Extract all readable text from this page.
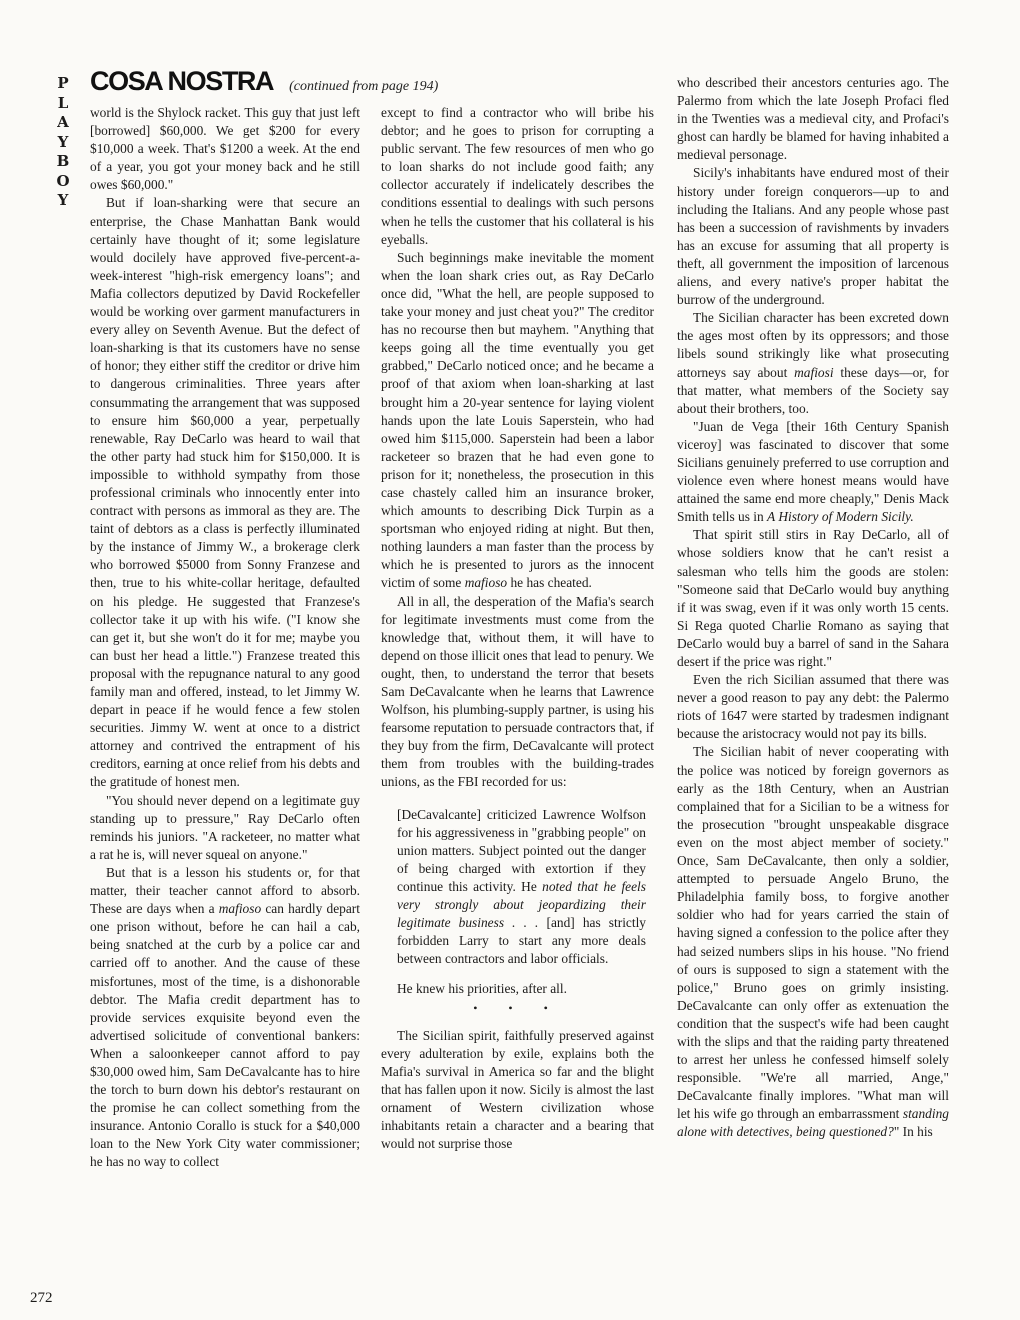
P
L
A
Y
B
O
Y
COSA NOSTRA (continued from page 194)

world is the Shylock racket. This guy that just left [borrowed] $60,000. We get $200 for every $10,000 a week. That's $1200 a week. At the end of a year, you got your money back and he still owes $60,000."

But if loan-sharking were that secure an enterprise, the Chase Manhattan Bank would certainly have thought of it; some legislature would docilely have approved five-percent-a-week-interest "high-risk emergency loans"; and Mafia collectors deputized by David Rockefeller would be working over garment manufacturers in every alley on Seventh Avenue. But the defect of loan-sharking is that its customers have no sense of honor; they either stiff the creditor or drive him to dangerous criminalities. Three years after consummating the arrangement that was supposed to ensure him $60,000 a year, perpetually renewable, Ray DeCarlo was heard to wail that the other party had stuck him for $150,000. It is impossible to withhold sympathy from those professional criminals who innocently enter into contract with persons as immoral as they are. The taint of debtors as a class is perfectly illuminated by the instance of Jimmy W., a brokerage clerk who borrowed $5000 from Sonny Franzese and then, true to his white-collar heritage, defaulted on his pledge. He suggested that Franzese's collector take it up with his wife. ("I know she can get it, but she won't do it for me; maybe you can bust her head a little.") Franzese treated this proposal with the repugnance natural to any good family man and offered, instead, to let Jimmy W. depart in peace if he would fence a few stolen securities. Jimmy W. went at once to a district attorney and contrived the entrapment of his creditors, earning at once relief from his debts and the gratitude of honest men.

"You should never depend on a legitimate guy standing up to pressure," Ray DeCarlo often reminds his juniors. "A racketeer, no matter what a rat he is, will never squeal on anyone."

But that is a lesson his students or, for that matter, their teacher cannot afford to absorb. These are days when a mafioso can hardly depart one prison without, before he can hail a cab, being snatched at the curb by a police car and carried off to another. And the cause of these misfortunes, most of the time, is a dishonorable debtor. The Mafia credit department has to provide services exquisite beyond even the advertised solicitude of conventional bankers: When a saloonkeeper cannot afford to pay $30,000 owed him, Sam DeCavalcante has to hire the torch to burn down his debtor's restaurant on the promise he can collect something from the insurance. Antonio Corallo is stuck for a $40,000 loan to the New York City water commissioner; he has no way to collect

except to find a contractor who will bribe his debtor; and he goes to prison for corrupting a public servant. The few resources of men who go to loan sharks do not include good faith; any collector accurately if indelicately describes the conditions essential to dealings with such persons when he tells the customer that his collateral is his eyeballs.

Such beginnings make inevitable the moment when the loan shark cries out, as Ray DeCarlo once did, "What the hell, are people supposed to take your money and just cheat you?" The creditor has no recourse then but mayhem. "Anything that keeps going all the time eventually you get grabbed," DeCarlo noticed once; and he became a proof of that axiom when loan-sharking at last brought him a 20-year sentence for laying violent hands upon the late Louis Saperstein, who had owed him $115,000. Saperstein had been a labor racketeer so brazen that he had even gone to prison for it; nonetheless, the prosecution in this case chastely called him an insurance broker, which amounts to describing Dick Turpin as a sportsman who enjoyed riding at night. But then, nothing launders a man faster than the process by which he is presented to jurors as the innocent victim of some mafioso he has cheated.

All in all, the desperation of the Mafia's search for legitimate investments must come from the knowledge that, without them, it will have to depend on those illicit ones that lead to penury. We ought, then, to understand the terror that besets Sam DeCavalcante when he learns that Lawrence Wolfson, his plumbing-supply partner, is using his fearsome reputation to persuade contractors that, if they buy from the firm, DeCavalcante will protect them from troubles with the building-trades unions, as the FBI recorded for us:

[DeCavalcante] criticized Lawrence Wolfson for his aggressiveness in "grabbing people" on union matters. Subject pointed out the danger of being charged with extortion if they continue this activity. He noted that he feels very strongly about jeopardizing their legitimate business . . . [and] has strictly forbidden Larry to start any more deals between contractors and labor officials.

He knew his priorities, after all.

• • •

The Sicilian spirit, faithfully preserved against every adulteration by exile, explains both the Mafia's survival in America so far and the blight that has fallen upon it now. Sicily is almost the last ornament of Western civilization whose inhabitants retain a character and a bearing that would not surprise those

who described their ancestors centuries ago. The Palermo from which the late Joseph Profaci fled in the Twenties was a medieval city, and Profaci's ghost can hardly be blamed for having inhabited a medieval personage.

Sicily's inhabitants have endured most of their history under foreign conquerors—up to and including the Italians. And any people whose past has been a succession of ravishments by invaders has an excuse for assuming that all property is theft, all government the imposition of larcenous aliens, and every native's proper habitat the burrow of the underground.

The Sicilian character has been excreted down the ages most often by its oppressors; and those libels sound strikingly like what prosecuting attorneys say about mafiosi these days—or, for that matter, what members of the Society say about their brothers, too.

"Juan de Vega [their 16th Century Spanish viceroy] was fascinated to discover that some Sicilians genuinely preferred to use corruption and violence even where honest means would have attained the same end more cheaply," Denis Mack Smith tells us in A History of Modern Sicily.

That spirit still stirs in Ray DeCarlo, all of whose soldiers know that he can't resist a salesman who tells him the goods are stolen: "Someone said that DeCarlo would buy anything if it was swag, even if it was only worth 15 cents. Si Rega quoted Charlie Romano as saying that DeCarlo would buy a barrel of sand in the Sahara desert if the price was right."

Even the rich Sicilian assumed that there was never a good reason to pay any debt: the Palermo riots of 1647 were started by tradesmen indignant because the aristocracy would not pay its bills.

The Sicilian habit of never cooperating with the police was noticed by foreign governors as early as the 18th Century, when an Austrian complained that for a Sicilian to be a witness for the prosecution "brought unspeakable disgrace even on the most abject member of society." Once, Sam DeCavalcante, then only a soldier, attempted to persuade Angelo Bruno, the Philadelphia family boss, to forgive another soldier who had for years carried the stain of having signed a confession to the police after they had seized numbers slips in his house. "No friend of ours is supposed to sign a statement with the police," Bruno goes on grimly insisting. DeCavalcante can only offer as extenuation the condition that the suspect's wife had been caught with the slips and that the raiding party threatened to arrest her unless he confessed himself solely responsible. "We're all married, Ange," DeCavalcante finally implores. "What man will let his wife go through an embarrassment standing alone with detectives, being questioned?" In his

272
